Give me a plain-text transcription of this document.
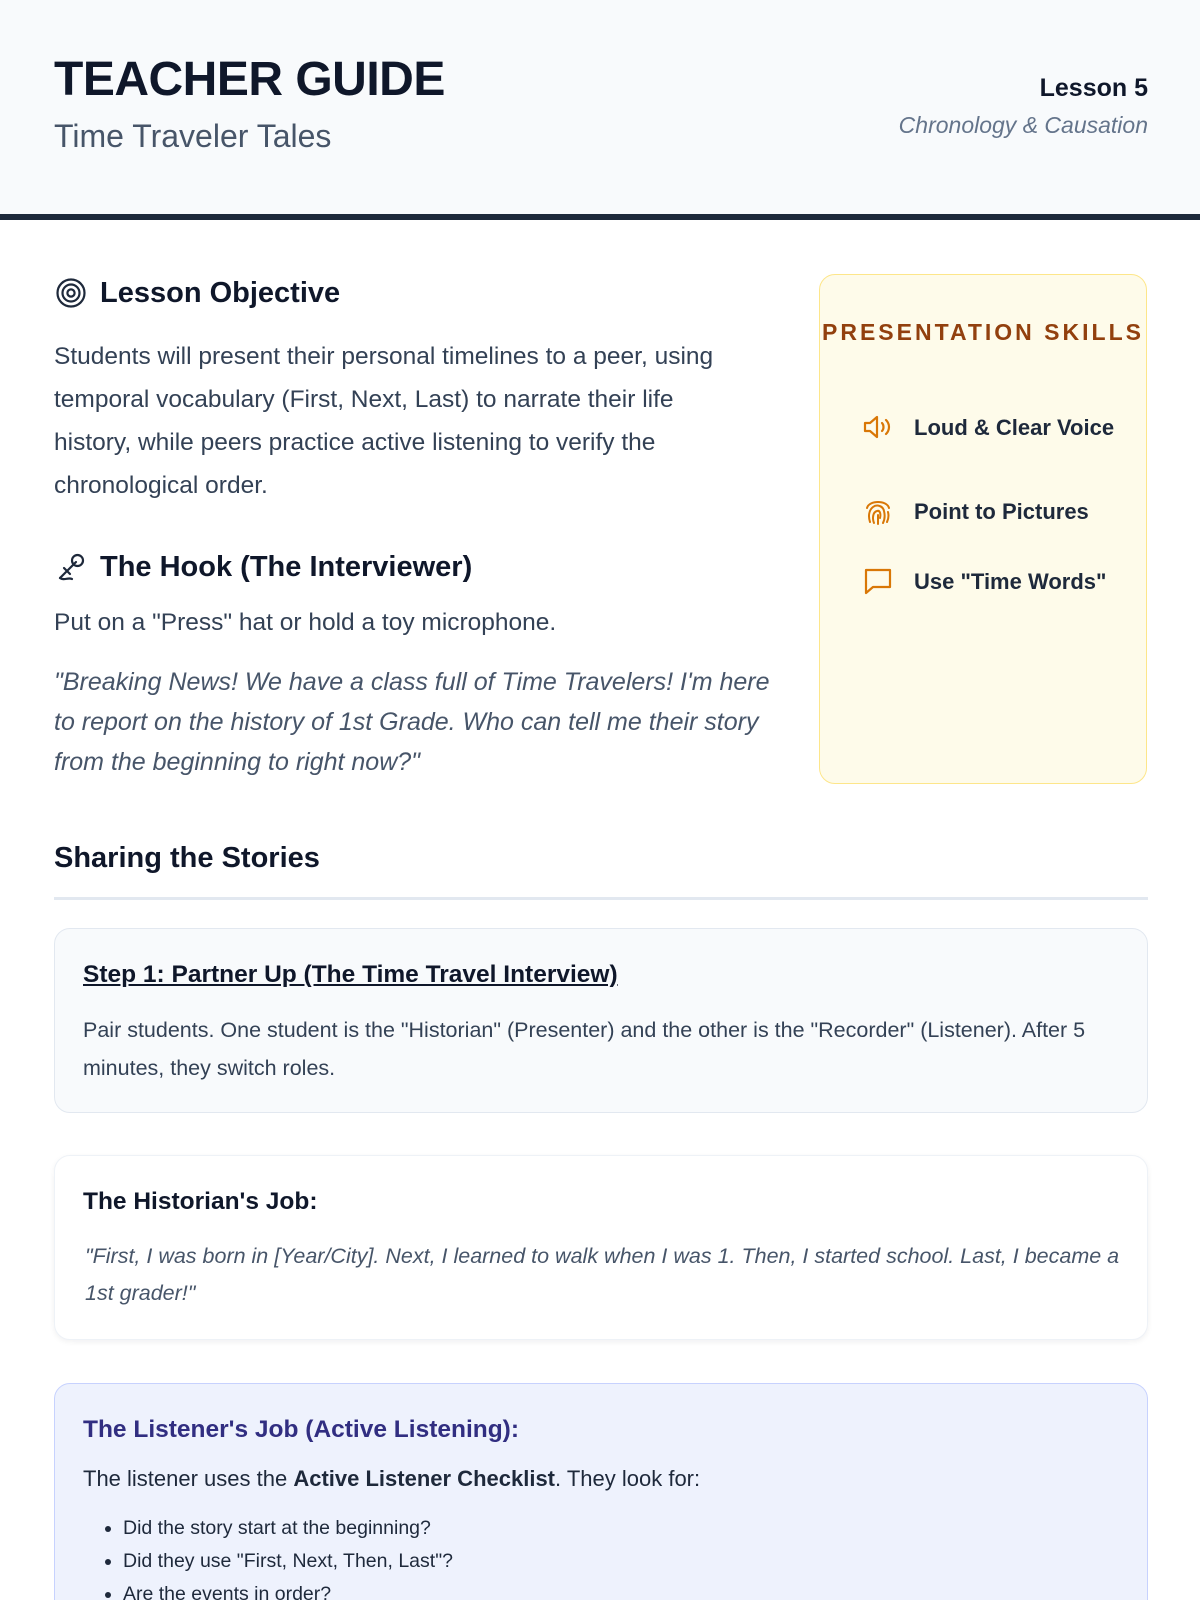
TEACHER GUIDE
Time Traveler Tales
Lesson 5
Chronology & Causation
Lesson Objective
Students will present their personal timelines to a peer, using temporal vocabulary (First, Next, Last) to narrate their life history, while peers practice active listening to verify the chronological order.
The Hook (The Interviewer)
Put on a "Press" hat or hold a toy microphone.
"Breaking News! We have a class full of Time Travelers! I'm here to report on the history of 1st Grade. Who can tell me their story from the beginning to right now?"
PRESENTATION SKILLS
Loud & Clear Voice
Point to Pictures
Use "Time Words"
Sharing the Stories
Step 1: Partner Up (The Time Travel Interview)
Pair students. One student is the "Historian" (Presenter) and the other is the "Recorder" (Listener). After 5 minutes, they switch roles.
The Historian's Job:
"First, I was born in [Year/City]. Next, I learned to walk when I was 1. Then, I started school. Last, I became a 1st grader!"
The Listener's Job (Active Listening):
The listener uses the Active Listener Checklist. They look for:
• Did the story start at the beginning?
• Did they use "First, Next, Then, Last"?
• Are the events in order?
